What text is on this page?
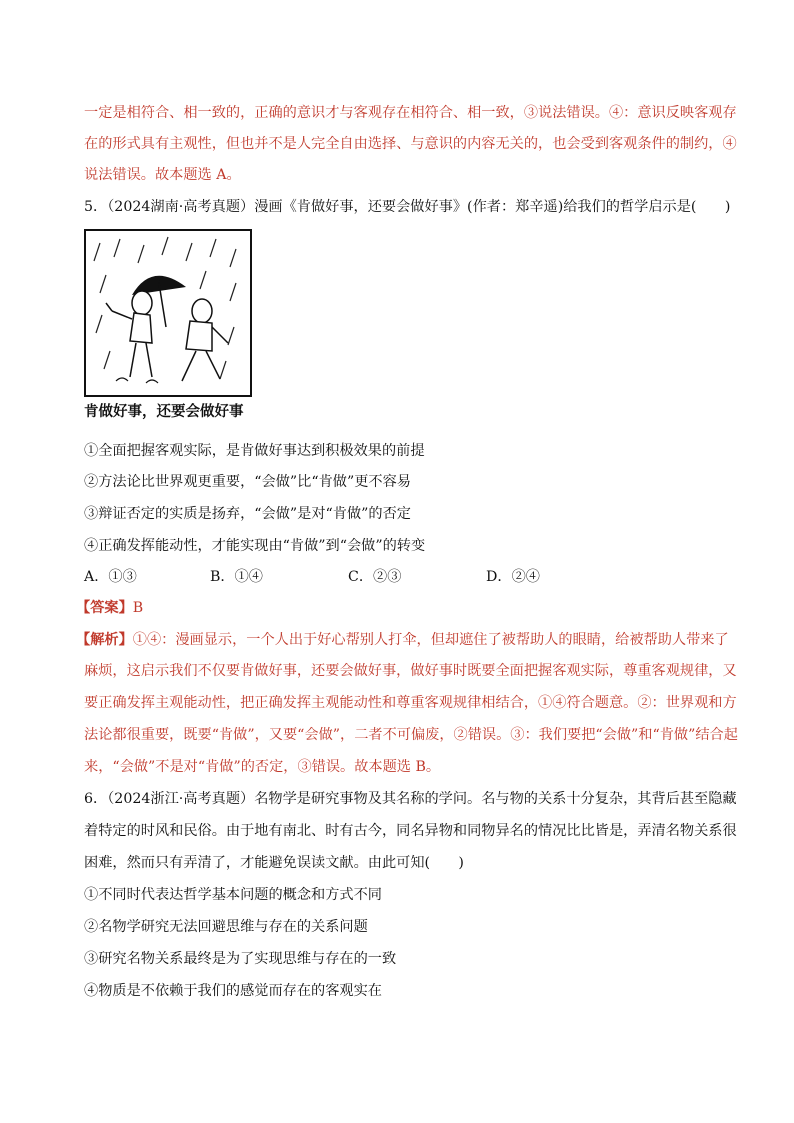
一定是相符合、相一致的，正确的意识才与客观存在相符合、相一致，③说法错误。④：意识反映客观存
在的形式具有主观性，但也并不是人完全自由选择、与意识的内容无关的，也会受到客观条件的制约，④
说法错误。故本题选 A。
5．（2024湖南·高考真题）漫画《肯做好事，还要会做好事》(作者：郑辛遥)给我们的哲学启示是(　　)
肯做好事，还要会做好事
①全面把握客观实际，是肯做好事达到积极效果的前提
②方法论比世界观更重要，“会做”比“肯做”更不容易
③辩证否定的实质是扬弃，“会做”是对“肯做”的否定
④正确发挥能动性，才能实现由“肯做”到“会做”的转变
A．①③	B．①④	C．②③	D．②④
【答案】B
【解析】①④：漫画显示，一个人出于好心帮别人打伞，但却遮住了被帮助人的眼睛，给被帮助人带来了
麻烦，这启示我们不仅要肯做好事，还要会做好事，做好事时既要全面把握客观实际，尊重客观规律，又
要正确发挥主观能动性，把正确发挥主观能动性和尊重客观规律相结合，①④符合题意。②：世界观和方
法论都很重要，既要“肯做”，又要“会做”，二者不可偏废，②错误。③：我们要把“会做”和“肯做”结合起
来，“会做”不是对“肯做”的否定，③错误。故本题选 B。
6．（2024浙江·高考真题）名物学是研究事物及其名称的学问。名与物的关系十分复杂，其背后甚至隐藏
着特定的时风和民俗。由于地有南北、时有古今，同名异物和同物异名的情况比比皆是，弄清名物关系很
困难，然而只有弄清了，才能避免误读文献。由此可知(　　)
①不同时代表达哲学基本问题的概念和方式不同
②名物学研究无法回避思维与存在的关系问题
③研究名物关系最终是为了实现思维与存在的一致
④物质是不依赖于我们的感觉而存在的客观实在
